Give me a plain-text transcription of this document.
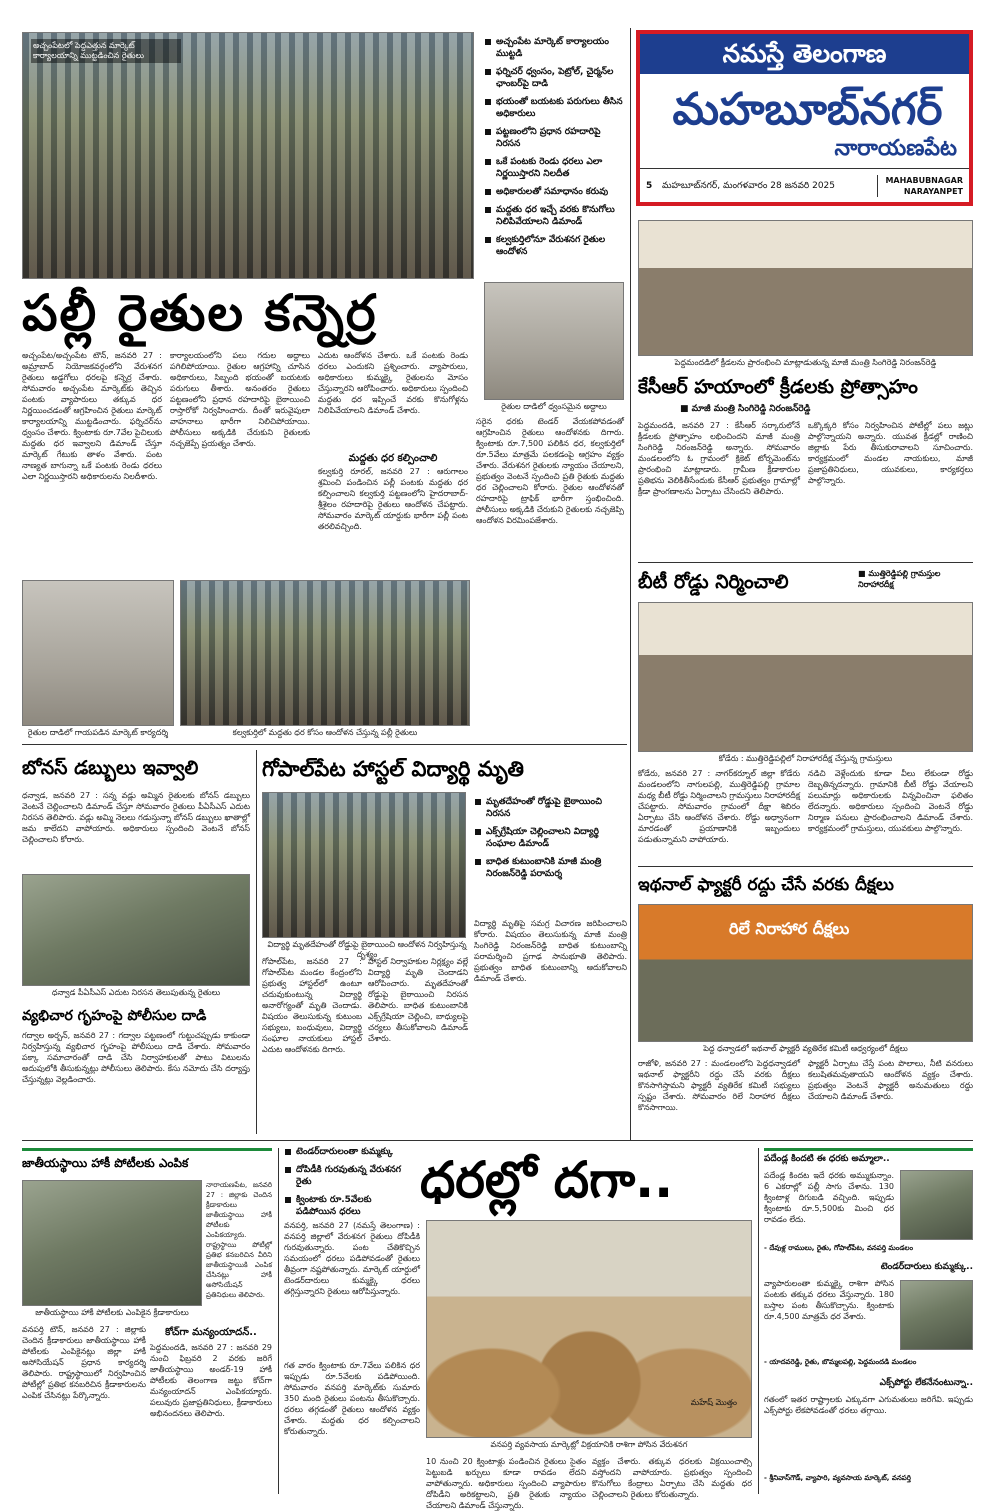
అచ్చంపేటలో పెద్దఎత్తున మార్కెట్ కార్యాలయాన్ని ముట్టడించిన రైతులు
అచ్చంపేట మార్కెట్ కార్యాలయం ముట్టడి
ఫర్నిచర్ ధ్వంసం, పెట్రోల్, చైర్మన్‌ల ఛాంబర్‌పై దాడి
భయంతో బయటకు పరుగులు తీసిన అధికారులు
పట్టణంలోని ప్రధాన రహదారిపై నిరసన
ఒకే పంటకు రెండు ధరలు ఎలా నిర్ణయిస్తారని నిలదీత
అధికారులతో సమాధానం కరువు
మద్దతు ధర ఇచ్చే వరకు కొనుగోలు నిలిపివేయాలని డిమాండ్
కల్వకుర్తిలోనూ వేరుశనగ రైతుల ఆందోళన
పల్లీ రైతుల కన్నెర్ర
రైతుల దాడిలో ధ్వంసమైన అద్దాలు
అచ్చంపేట/అచ్చంపేట టౌన్, జనవరి 27 : అమ్రాబాద్‌ నియోజకవర్గంలోని వేరుశనగ రైతులు అడ్డగోలు ధరలపై కన్నెర్ర చేశారు. సోమవారం అచ్చంపేట మార్కెట్‌కు తెచ్చిన పంటకు వ్యాపారులు తక్కువ ధర నిర్ణయించడంతో ఆగ్రహించిన రైతులు మార్కెట్‌ కార్యాలయాన్ని ముట్టడించారు. ఫర్నిచర్‌ను ధ్వంసం చేశారు. క్వింటాకు రూ.7వేల పైచిలుకు మద్దతు ధర ఇవ్వాలని డిమాండ్‌ చేస్తూ మార్కెట్‌ గేటుకు తాళం వేశారు. పంట నాణ్యత బాగున్నా ఒకే పంటకు రెండు ధరలు ఎలా నిర్ణయిస్తారని అధికారులను నిలదీశారు.
కార్యాలయంలోని పలు గదుల అద్దాలు పగిలిపోయాయి. రైతుల ఆగ్రహాన్ని చూసిన అధికారులు, సిబ్బంది భయంతో బయటకు పరుగులు తీశారు. అనంతరం రైతులు పట్టణంలోని ప్రధాన రహదారిపై బైఠాయించి రాస్తారోకో నిర్వహించారు. దీంతో ఇరువైపులా వాహనాలు భారీగా నిలిచిపోయాయి. పోలీసులు అక్కడికి చేరుకుని రైతులకు నచ్చజెప్పే ప్రయత్నం చేశారు.
ఎదుట ఆందోళన చేశారు. ఒకే పంటకు రెండు ధరలు ఎందుకని ప్రశ్నించారు. వ్యాపారులు, అధికారులు కుమ్మక్కై రైతులను మోసం చేస్తున్నారని ఆరోపించారు. అధికారులు స్పందించి మద్దతు ధర ఇప్పించే వరకు కొనుగోళ్లను నిలిపివేయాలని డిమాండ్‌ చేశారు.
మద్దతు ధర కల్పించాలి
కల్వకుర్తి రూరల్‌, జనవరి 27 : ఆరుగాలం శ్రమించి పండించిన పల్లీ పంటకు మద్దతు ధర కల్పించాలని కల్వకుర్తి పట్టణంలోని హైదరాబాద్‌-శ్రీశైలం రహదారిపై రైతులు ఆందోళన చేపట్టారు. సోమవారం మార్కెట్‌ యార్డుకు భారీగా పల్లీ పంట తరలివచ్చింది.
సరైన ధరకు టెండర్‌ వేయకపోవడంతో ఆగ్రహించిన రైతులు ఆందోళనకు దిగారు. క్వింటాకు రూ.7,500 పలికిన ధర, కల్వకుర్తిలో రూ.5వేలు మాత్రమే పలకడంపై ఆగ్రహం వ్యక్తం చేశారు. వేరుశనగ రైతులకు న్యాయం చేయాలని, ప్రభుత్వం వెంటనే స్పందించి ప్రతి రైతుకు మద్దతు ధర చెల్లించాలని కోరారు. రైతుల ఆందోళనతో రహదారిపై ట్రాఫిక్‌ భారీగా స్తంభించింది. పోలీసులు అక్కడికి చేరుకుని రైతులకు నచ్చజెప్పి ఆందోళన విరమింపజేశారు.
రైతుల దాడిలో గాయపడిన మార్కెట్ కార్యదర్శి	కల్వకుర్తిలో మద్దతు ధర కోసం ఆందోళన చేస్తున్న పల్లీ రైతులు
నమస్తే తెలంగాణ
మహబూబ్‌నగర్
నారాయణపేట
5 మహబూబ్‌నగర్, మంగళవారం 28 జనవరి 2025
MAHABUBNAGAR NARAYANPET
పెద్దమందడిలో క్రీడలను ప్రారంభించి మాట్లాడుతున్న మాజీ మంత్రి సింగిరెడ్డి నిరంజన్‌రెడ్డి
కేసీఆర్ హయాంలో క్రీడలకు ప్రోత్సాహం
■ మాజీ మంత్రి సింగిరెడ్డి నిరంజన్‌రెడ్డి
పెద్దమందడి, జనవరి 27 : కేసీఆర్‌ సర్కారులోనే క్రీడలకు ప్రోత్సాహం లభించిందని మాజీ మంత్రి సింగిరెడ్డి నిరంజన్‌రెడ్డి అన్నారు. సోమవారం మండలంలోని ఓ గ్రామంలో క్రికెట్‌ టోర్నమెంట్‌ను ప్రారంభించి మాట్లాడారు. గ్రామీణ క్రీడాకారుల ప్రతిభను వెలికితీసేందుకు కేసీఆర్‌ ప్రభుత్వం గ్రామాల్లో క్రీడా ప్రాంగణాలను ఏర్పాటు చేసిందని తెలిపారు.
ఒక్కొక్కరి కోసం నిర్వహించిన పోటీల్లో పలు జట్లు పాల్గొన్నాయని అన్నారు. యువత క్రీడల్లో రాణించి జిల్లాకు పేరు తీసుకురావాలని సూచించారు. కార్యక్రమంలో మండల నాయకులు, మాజీ ప్రజాప్రతినిధులు, యువకులు, కార్యకర్తలు పాల్గొన్నారు.
బీటీ రోడ్డు నిర్మించాలి	■ ముత్తిరెడ్డిపల్లి గ్రామస్తుల నిరాహారదీక్ష
కోడేరు : ముత్తిరెడ్డిపల్లిలో నిరాహారదీక్ష చేస్తున్న గ్రామస్తులు
కోడేరు, జనవరి 27 : నాగర్‌కర్నూల్‌ జిల్లా కోడేరు మండలంలోని నాగులపల్లి, ముత్తిరెడ్డిపల్లి గ్రామాల మధ్య బీటీ రోడ్డు నిర్మించాలని గ్రామస్తులు నిరాహారదీక్ష చేపట్టారు. సోమవారం గ్రామంలో దీక్షా శిబిరం ఏర్పాటు చేసి ఆందోళన చేశారు. రోడ్డు అధ్వానంగా మారడంతో ప్రయాణానికి ఇబ్బందులు పడుతున్నామని వాపోయారు.
నడిచి వెళ్లేందుకు కూడా వీలు లేకుండా రోడ్డు దెబ్బతిన్నదన్నారు. గ్రామానికి బీటీ రోడ్డు వేయాలని పలుమార్లు అధికారులకు విన్నవించినా ఫలితం లేదన్నారు. అధికారులు స్పందించి వెంటనే రోడ్డు నిర్మాణ పనులు ప్రారంభించాలని డిమాండ్‌ చేశారు. కార్యక్రమంలో గ్రామస్తులు, యువకులు పాల్గొన్నారు.
ఇథనాల్ ఫ్యాక్టరీ రద్దు చేసే వరకు దీక్షలు
రిలే నిరాహార దీక్షలు
పెద్ద ధన్వాడలో ఇథనాల్ ఫ్యాక్టరీ వ్యతిరేక కమిటీ ఆధ్వర్యంలో దీక్షలు
రాజోళి, జనవరి 27 : మండలంలోని పెద్దధన్వాడలో ఇథనాల్‌ ఫ్యాక్టరీని రద్దు చేసే వరకు దీక్షలు కొనసాగిస్తామని ఫ్యాక్టరీ వ్యతిరేక కమిటీ సభ్యులు స్పష్టం చేశారు. సోమవారం రిలే నిరాహార దీక్షలు కొనసాగాయి.
ఫ్యాక్టరీ ఏర్పాటు చేస్తే పంట పొలాలు, నీటి వనరులు కలుషితమవుతాయని ఆందోళన వ్యక్తం చేశారు. ప్రభుత్వం వెంటనే ఫ్యాక్టరీ అనుమతులు రద్దు చేయాలని డిమాండ్‌ చేశారు.
బోనస్ డబ్బులు ఇవ్వాలి
ధన్వాడ, జనవరి 27 : సన్న వడ్లు అమ్మిన రైతులకు బోనస్‌ డబ్బులు వెంటనే చెల్లించాలని డిమాండ్‌ చేస్తూ సోమవారం రైతులు పీఏసీఎస్‌ ఎదుట నిరసన తెలిపారు. వడ్లు అమ్మి నెలలు గడుస్తున్నా బోనస్‌ డబ్బులు ఖాతాల్లో జమ కాలేదని వాపోయారు. అధికారులు స్పందించి వెంటనే బోనస్‌ చెల్లించాలని కోరారు.
ధన్వాడ పీఏసీఎస్ ఎదుట నిరసన తెలుపుతున్న రైతులు
వ్యభిచార గృహంపై పోలీసుల దాడి
గద్వాల అర్బన్‌, జనవరి 27 : గద్వాల పట్టణంలో గుట్టుచప్పుడు కాకుండా నిర్వహిస్తున్న వ్యభిచార గృహంపై పోలీసులు దాడి చేశారు. సోమవారం పక్కా సమాచారంతో దాడి చేసి నిర్వాహకులతో పాటు విటులను అదుపులోకి తీసుకున్నట్లు పోలీసులు తెలిపారు. కేసు నమోదు చేసి దర్యాప్తు చేస్తున్నట్లు వెల్లడించారు.
గోపాల్‌పేట హాస్టల్ విద్యార్థి మృతి
మృతదేహంతో రోడ్డుపై బైఠాయించి నిరసన
ఎక్స్‌గ్రేషియా చెల్లించాలని విద్యార్థి సంఘాల డిమాండ్
బాధిత కుటుంబానికి మాజీ మంత్రి నిరంజన్‌రెడ్డి పరామర్శ
విద్యార్థి మృతదేహంతో రోడ్డుపై బైఠాయించి ఆందోళన నిర్వహిస్తున్న దృశ్యం
విద్యార్థి మృతిపై సమగ్ర విచారణ జరిపించాలని కోరారు. విషయం తెలుసుకున్న మాజీ మంత్రి సింగిరెడ్డి నిరంజన్‌రెడ్డి బాధిత కుటుంబాన్ని పరామర్శించి ప్రగాఢ సానుభూతి తెలిపారు. ప్రభుత్వం బాధిత కుటుంబాన్ని ఆదుకోవాలని డిమాండ్‌ చేశారు.
గోపాల్‌పేట, జనవరి 27 : గోపాల్‌పేట మండల కేంద్రంలోని ప్రభుత్వ హాస్టల్‌లో ఉంటూ చదువుకుంటున్న విద్యార్థి అనారోగ్యంతో మృతి చెందాడు. విషయం తెలుసుకున్న కుటుంబ సభ్యులు, బంధువులు, విద్యార్థి సంఘాల నాయకులు హాస్టల్‌ ఎదుట ఆందోళనకు దిగారు.
హాస్టల్‌ నిర్వాహకుల నిర్లక్ష్యం వల్లే విద్యార్థి మృతి చెందాడని ఆరోపించారు. మృతదేహంతో రోడ్డుపై బైఠాయించి నిరసన తెలిపారు. బాధిత కుటుంబానికి ఎక్స్‌గ్రేషియా చెల్లించి, బాధ్యులపై చర్యలు తీసుకోవాలని డిమాండ్‌ చేశారు.
జాతీయస్థాయి హాకీ పోటీలకు ఎంపిక
జాతీయస్థాయి హాకీ పోటీలకు ఎంపికైన క్రీడాకారులు
నారాయణపేట, జనవరి 27 : జిల్లాకు చెందిన క్రీడాకారులు జాతీయస్థాయి హాకీ పోటీలకు ఎంపికయ్యారు. రాష్ట్రస్థాయి పోటీల్లో ప్రతిభ కనబరిచిన వీరిని జాతీయస్థాయికి ఎంపిక చేసినట్లు హాకీ అసోసియేషన్‌ ప్రతినిధులు తెలిపారు.
కోచ్‌గా మన్యంయాదన్..
వనపర్తి టౌన్‌, జనవరి 27 : జిల్లాకు చెందిన క్రీడాకారులు జాతీయస్థాయి హాకీ పోటీలకు ఎంపికైనట్లు జిల్లా హాకీ అసోసియేషన్‌ ప్రధాన కార్యదర్శి తెలిపారు. రాష్ట్రస్థాయిలో నిర్వహించిన పోటీల్లో ప్రతిభ కనబరిచిన క్రీడాకారులను ఎంపిక చేసినట్లు పేర్కొన్నారు.
పెద్దమందడి, జనవరి 27 : జనవరి 29 నుంచి ఫిబ్రవరి 2 వరకు జరిగే జాతీయస్థాయి అండర్‌-19 హాకీ పోటీలకు తెలంగాణ జట్టు కోచ్‌గా మన్యంయాదన్‌ ఎంపికయ్యారు. పలువురు ప్రజాప్రతినిధులు, క్రీడాకారులు అభినందనలు తెలిపారు.
టెండర్‌దారులంతా కుమ్మక్కు
దోపిడీకి గురవుతున్న వేరుశనగ రైతు
క్వింటాకు రూ.5వేలకు పడిపోయిన ధరలు
ధరల్లో దగా..
వనపర్తి, జనవరి 27 (నమస్తే తెలంగాణ) : వనపర్తి జిల్లాలో వేరుశనగ రైతులు దోపిడీకి గురవుతున్నారు. పంట చేతికొచ్చిన సమయంలో ధరలు పడిపోవడంతో రైతులు తీవ్రంగా నష్టపోతున్నారు. మార్కెట్‌ యార్డులో టెండర్‌దారులు కుమ్మక్కై ధరలు తగ్గిస్తున్నారని రైతులు ఆరోపిస్తున్నారు.
గత వారం క్వింటాకు రూ.7వేలు పలికిన ధర ఇప్పుడు రూ.5వేలకు పడిపోయింది. సోమవారం వనపర్తి మార్కెట్‌కు సుమారు 350 మంది రైతులు పంటను తీసుకొచ్చారు. ధరలు తగ్గడంతో రైతులు ఆందోళన వ్యక్తం చేశారు. మద్దతు ధర కల్పించాలని కోరుతున్నారు.
మహేష్ మొత్తం
వనపర్తి వ్యవసాయ మార్కెట్లో విక్రయానికి రాశిగా పోసిన వేరుశనగ
10 నుంచి 20 క్వింటాళ్లు పండించిన రైతులు సైతం పెట్టుబడి ఖర్చులు కూడా రావడం లేదని వాపోతున్నారు. అధికారులు స్పందించి వ్యాపారుల దోపిడీని అరికట్టాలని, ప్రతి రైతుకు న్యాయం చేయాలని డిమాండ్‌ చేస్తున్నారు.
వ్యక్తం చేశారు. తక్కువ ధరలకు విక్రయించాల్సి వస్తోందని వాపోయారు. ప్రభుత్వం స్పందించి కొనుగోలు కేంద్రాలు ఏర్పాటు చేసి మద్దతు ధర చెల్లించాలని రైతులు కోరుతున్నారు.
పదేండ్ల కిందటి ఈ ధరకు అమ్మాలా..
పదేండ్ల కిందట ఇదే ధరకు అమ్ముకున్నాం. 6 ఎకరాల్లో పల్లీ సాగు చేశాను. 130 క్వింటాళ్ల దిగుబడి వచ్చింది. ఇప్పుడు క్వింటాకు రూ.5,500కు మించి ధర రావడం లేదు.
- దేవుళ్ల రాములు, రైతు, గోపాల్‌పేట, వనపర్తి మండలం
టెండర్‌దారులు కుమ్మక్కు..
వ్యాపారులంతా కుమ్మక్కై రాశిగా పోసిన పంటకు తక్కువ ధరలు వేస్తున్నారు. 180 బస్తాల పంట తీసుకొచ్చాను. క్వింటాకు రూ.4,500 మాత్రమే ధర వేశారు.
- యాదవరెడ్డి, రైతు, బొమ్మలపల్లి, పెద్దమందడి మండలం
ఎక్స్‌పోర్టు లేకనేనంటున్నా..
గతంలో ఇతర రాష్ట్రాలకు ఎక్కువగా ఎగుమతులు జరిగేవి. ఇప్పుడు ఎక్స్‌పోర్టు లేకపోవడంతో ధరలు తగ్గాయి.
- శ్రీనివాస్‌గౌడ్‌, వ్యాపారి, వ్యవసాయ మార్కెట్‌, వనపర్తి
